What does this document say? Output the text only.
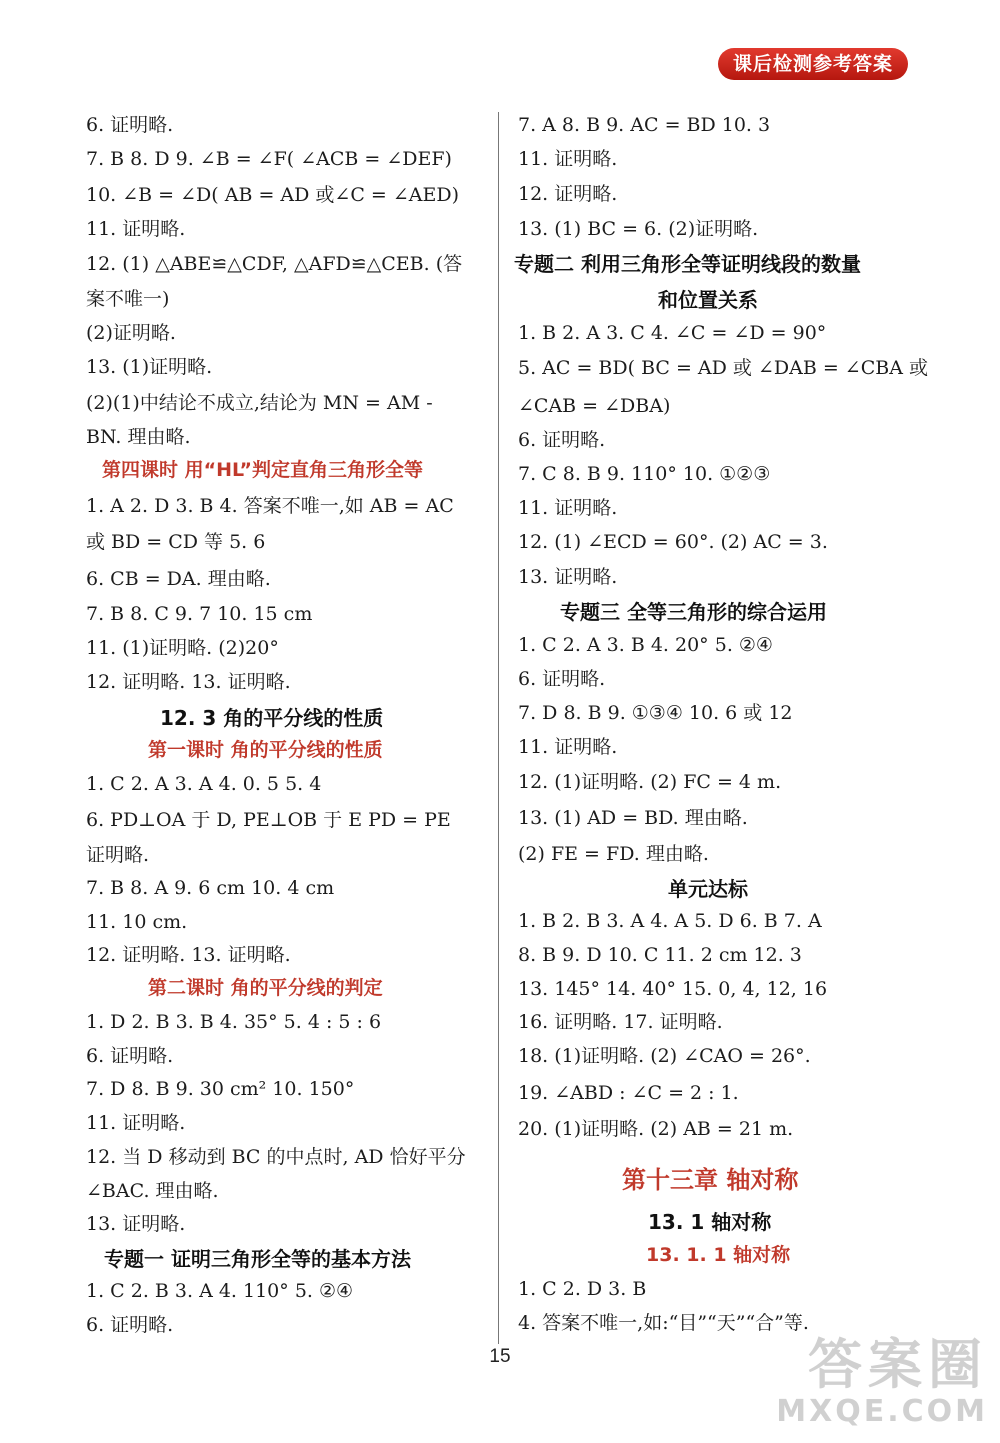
课后检测参考答案
6. 证明略.
7. B 8. D 9. ∠B = ∠F( ∠ACB = ∠DEF)
10. ∠B = ∠D( AB = AD 或∠C = ∠AED)
11. 证明略.
12. (1) △ABE≌△CDF, △AFD≌△CEB. (答
案不唯一)
(2)证明略.
13. (1)证明略.
(2)(1)中结论不成立,结论为 MN = AM -
BN. 理由略.
第四课时 用“HL”判定直角三角形全等
1. A 2. D 3. B 4. 答案不唯一,如 AB = AC
或 BD = CD 等 5. 6
6. CB = DA. 理由略.
7. B 8. C 9. 7 10. 15 cm
11. (1)证明略. (2)20°
12. 证明略. 13. 证明略.
12. 3 角的平分线的性质
第一课时 角的平分线的性质
1. C 2. A 3. A 4. 0. 5 5. 4
6. PD⊥OA 于 D, PE⊥OB 于 E PD = PE
证明略.
7. B 8. A 9. 6 cm 10. 4 cm
11. 10 cm.
12. 证明略. 13. 证明略.
第二课时 角的平分线的判定
1. D 2. B 3. B 4. 35° 5. 4 : 5 : 6
6. 证明略.
7. D 8. B 9. 30 cm² 10. 150°
11. 证明略.
12. 当 D 移动到 BC 的中点时, AD 恰好平分
∠BAC. 理由略.
13. 证明略.
专题一 证明三角形全等的基本方法
1. C 2. B 3. A 4. 110° 5. ②④
6. 证明略.
7. A 8. B 9. AC = BD 10. 3
11. 证明略.
12. 证明略.
13. (1) BC = 6. (2)证明略.
专题二 利用三角形全等证明线段的数量
和位置关系
1. B 2. A 3. C 4. ∠C = ∠D = 90°
5. AC = BD( BC = AD 或 ∠DAB = ∠CBA 或
∠CAB = ∠DBA)
6. 证明略.
7. C 8. B 9. 110° 10. ①②③
11. 证明略.
12. (1) ∠ECD = 60°. (2) AC = 3.
13. 证明略.
专题三 全等三角形的综合运用
1. C 2. A 3. B 4. 20° 5. ②④
6. 证明略.
7. D 8. B 9. ①③④ 10. 6 或 12
11. 证明略.
12. (1)证明略. (2) FC = 4 m.
13. (1) AD = BD. 理由略.
(2) FE = FD. 理由略.
单元达标
1. B 2. B 3. A 4. A 5. D 6. B 7. A
8. B 9. D 10. C 11. 2 cm 12. 3
13. 145° 14. 40° 15. 0, 4, 12, 16
16. 证明略. 17. 证明略.
18. (1)证明略. (2) ∠CAO = 26°.
19. ∠ABD : ∠C = 2 : 1.
20. (1)证明略. (2) AB = 21 m.
第十三章 轴对称
13. 1 轴对称
13. 1. 1 轴对称
1. C 2. D 3. B
4. 答案不唯一,如:“目”“天”“合”等.
15	答案圈
MXQE.COM
